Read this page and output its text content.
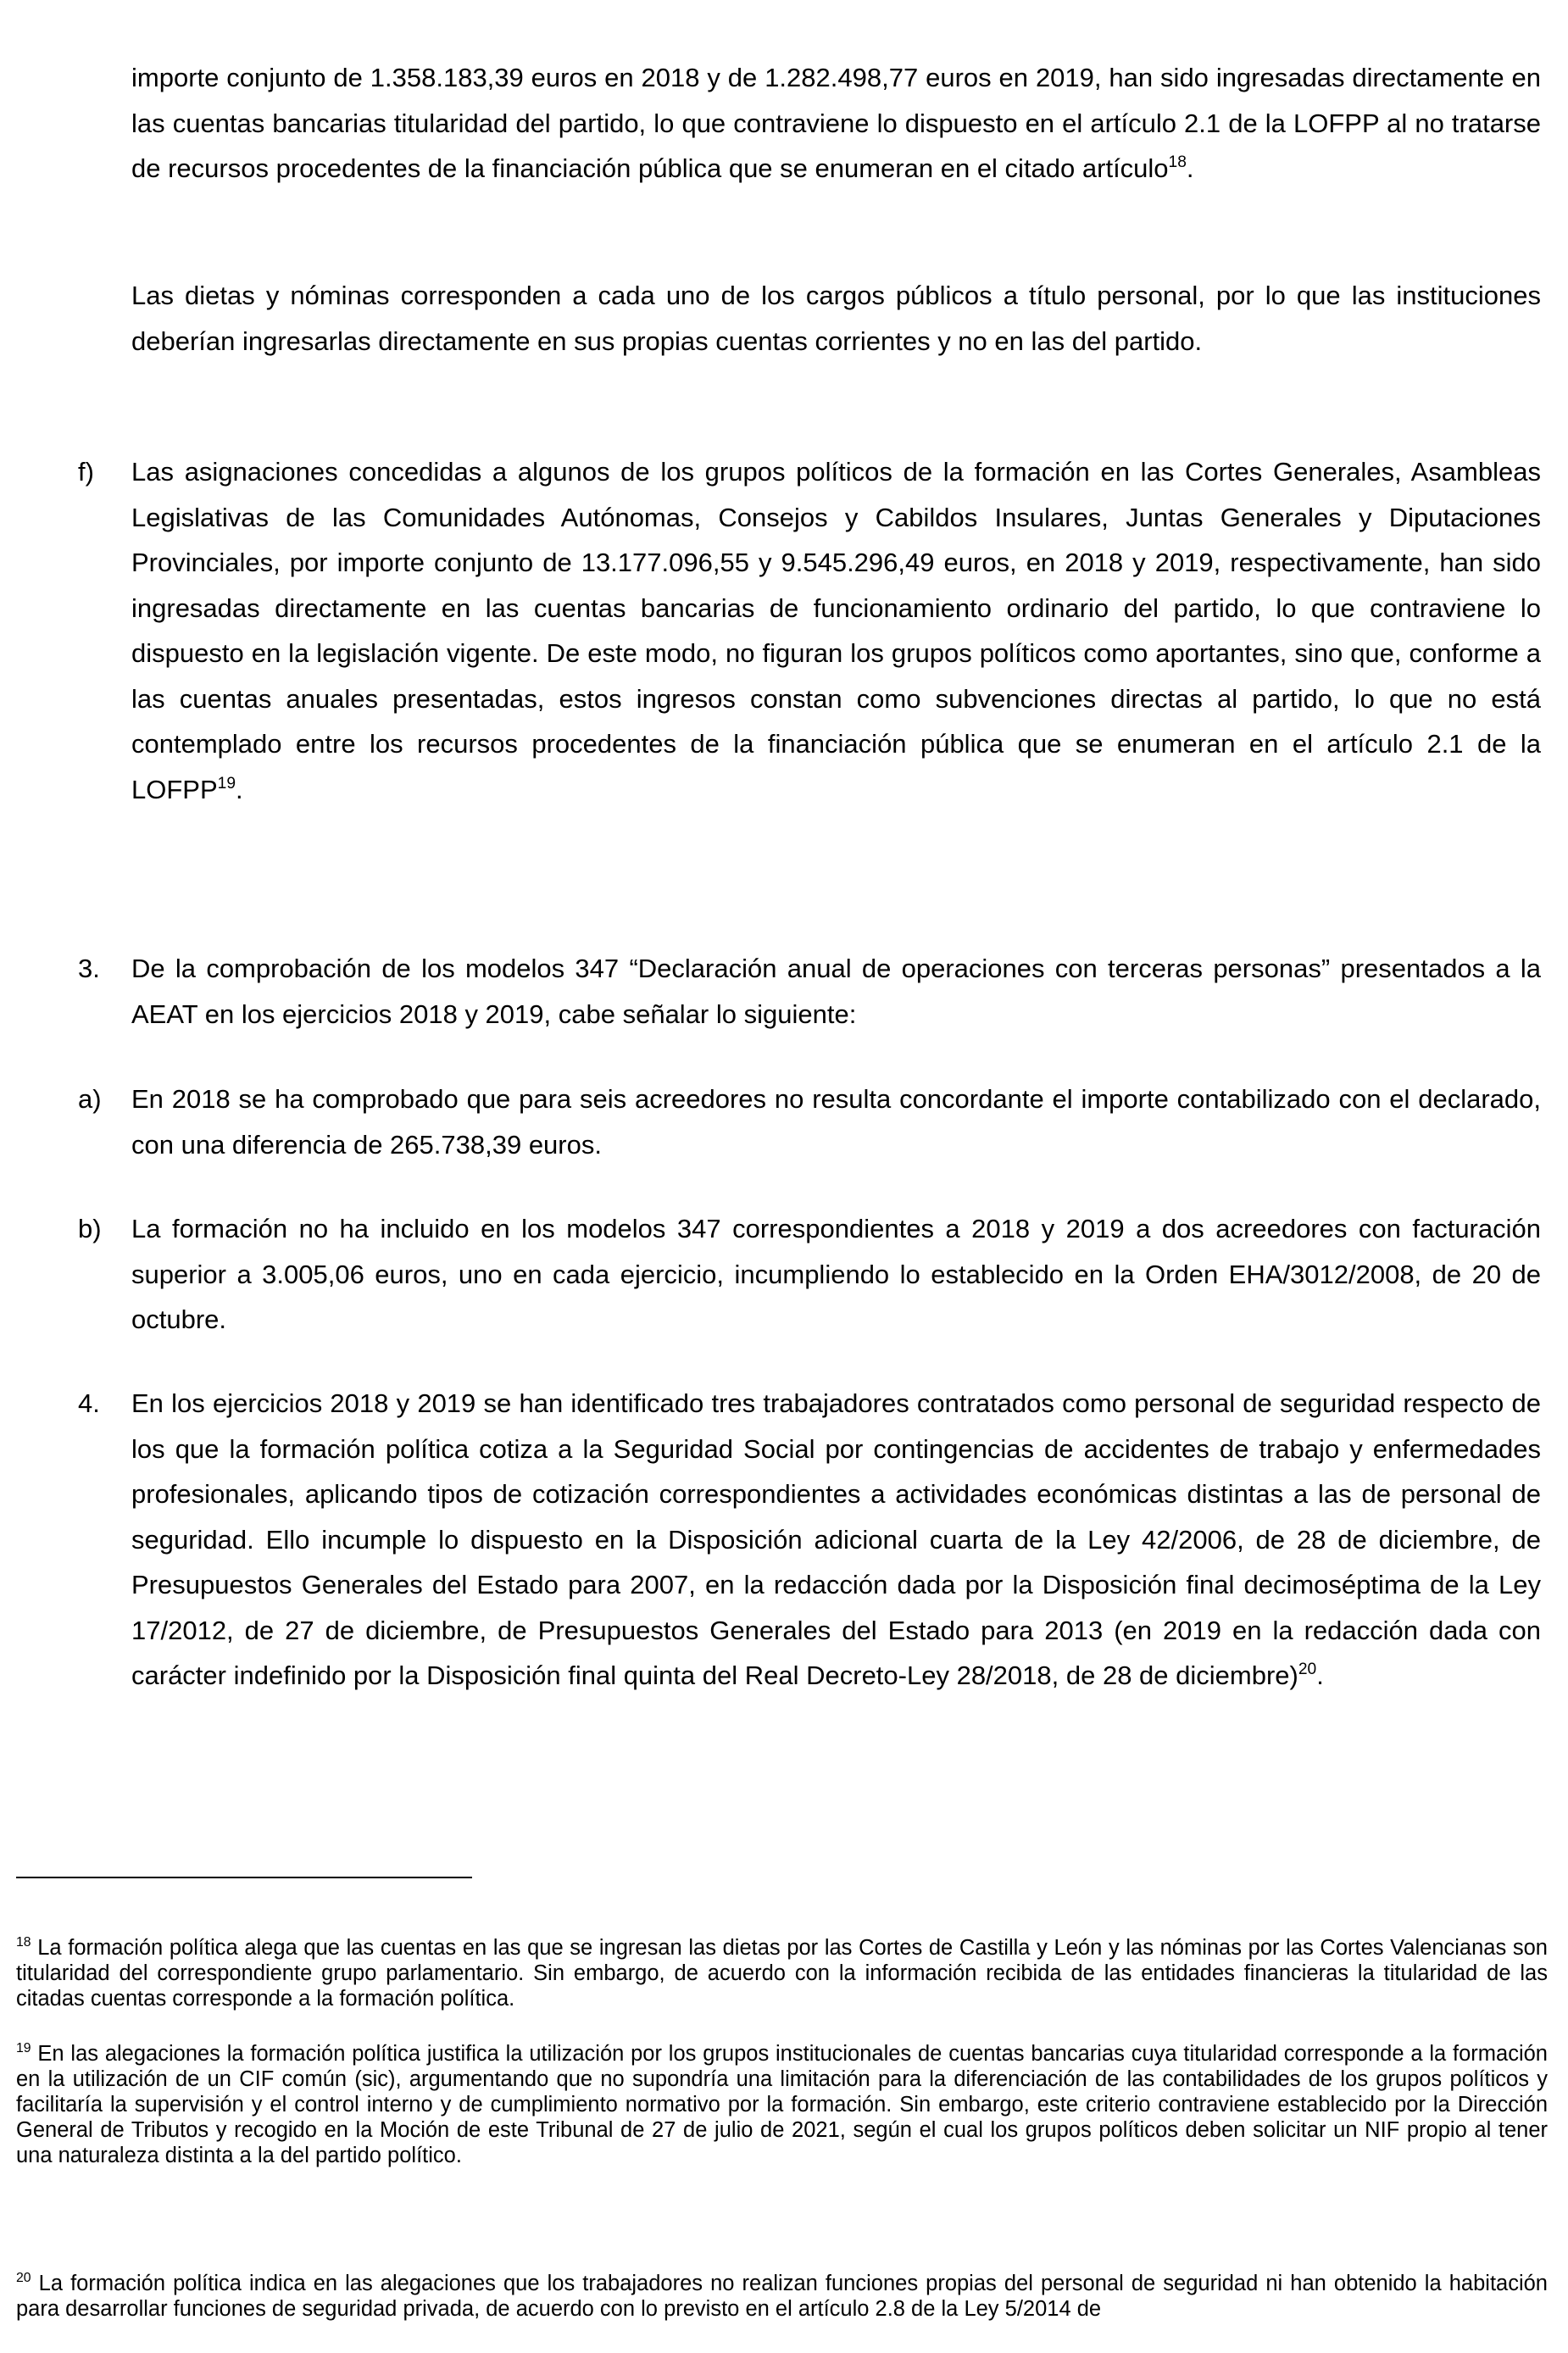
importe conjunto de 1.358.183,39 euros en 2018 y de 1.282.498,77 euros en 2019, han sido ingresadas directamente en las cuentas bancarias titularidad del partido, lo que contraviene lo dispuesto en el artículo 2.1 de la LOFPP al no tratarse de recursos procedentes de la financiación pública que se enumeran en el citado artículo$^{18}$.

Las dietas y nóminas corresponden a cada uno de los cargos públicos a título personal, por lo que las instituciones deberían ingresarlas directamente en sus propias cuentas corrientes y no en las del partido.

f) Las asignaciones concedidas a algunos de los grupos políticos de la formación en las Cortes Generales, Asambleas Legislativas de las Comunidades Autónomas, Consejos y Cabildos Insulares, Juntas Generales y Diputaciones Provinciales, por importe conjunto de 13.177.096,55 y 9.545.296,49 euros, en 2018 y 2019, respectivamente, han sido ingresadas directamente en las cuentas bancarias de funcionamiento ordinario del partido, lo que contraviene lo dispuesto en la legislación vigente. De este modo, no figuran los grupos políticos como aportantes, sino que, conforme a las cuentas anuales presentadas, estos ingresos constan como subvenciones directas al partido, lo que no está contemplado entre los recursos procedentes de la financiación pública que se enumeran en el artículo 2.1 de la LOFPP$^{19}$.

3. De la comprobación de los modelos 347 “Declaración anual de operaciones con terceras personas” presentados a la AEAT en los ejercicios 2018 y 2019, cabe señalar lo siguiente:

a) En 2018 se ha comprobado que para seis acreedores no resulta concordante el importe contabilizado con el declarado, con una diferencia de 265.738,39 euros.

b) La formación no ha incluido en los modelos 347 correspondientes a 2018 y 2019 a dos acreedores con facturación superior a 3.005,06 euros, uno en cada ejercicio, incumpliendo lo establecido en la Orden EHA/3012/2008, de 20 de octubre.

4. En los ejercicios 2018 y 2019 se han identificado tres trabajadores contratados como personal de seguridad respecto de los que la formación política cotiza a la Seguridad Social por contingencias de accidentes de trabajo y enfermedades profesionales, aplicando tipos de cotización correspondientes a actividades económicas distintas a las de personal de seguridad. Ello incumple lo dispuesto en la Disposición adicional cuarta de la Ley 42/2006, de 28 de diciembre, de Presupuestos Generales del Estado para 2007, en la redacción dada por la Disposición final decimoséptima de la Ley 17/2012, de 27 de diciembre, de Presupuestos Generales del Estado para 2013 (en 2019 en la redacción dada con carácter indefinido por la Disposición final quinta del Real Decreto-Ley 28/2018, de 28 de diciembre)$^{20}$.

$^{18}$ La formación política alega que las cuentas en las que se ingresan las dietas por las Cortes de Castilla y León y las nóminas por las Cortes Valencianas son titularidad del correspondiente grupo parlamentario. Sin embargo, de acuerdo con la información recibida de las entidades financieras la titularidad de las citadas cuentas corresponde a la formación política.

$^{19}$ En las alegaciones la formación política justifica la utilización por los grupos institucionales de cuentas bancarias cuya titularidad corresponde a la formación en la utilización de un CIF común (sic), argumentando que no supondría una limitación para la diferenciación de las contabilidades de los grupos políticos y facilitaría la supervisión y el control interno y de cumplimiento normativo por la formación. Sin embargo, este criterio contraviene establecido por la Dirección General de Tributos y recogido en la Moción de este Tribunal de 27 de julio de 2021, según el cual los grupos políticos deben solicitar un NIF propio al tener una naturaleza distinta a la del partido político.

$^{20}$ La formación política indica en las alegaciones que los trabajadores no realizan funciones propias del personal de seguridad ni han obtenido la habitación para desarrollar funciones de seguridad privada, de acuerdo con lo previsto en el artículo 2.8 de la Ley 5/2014 de
